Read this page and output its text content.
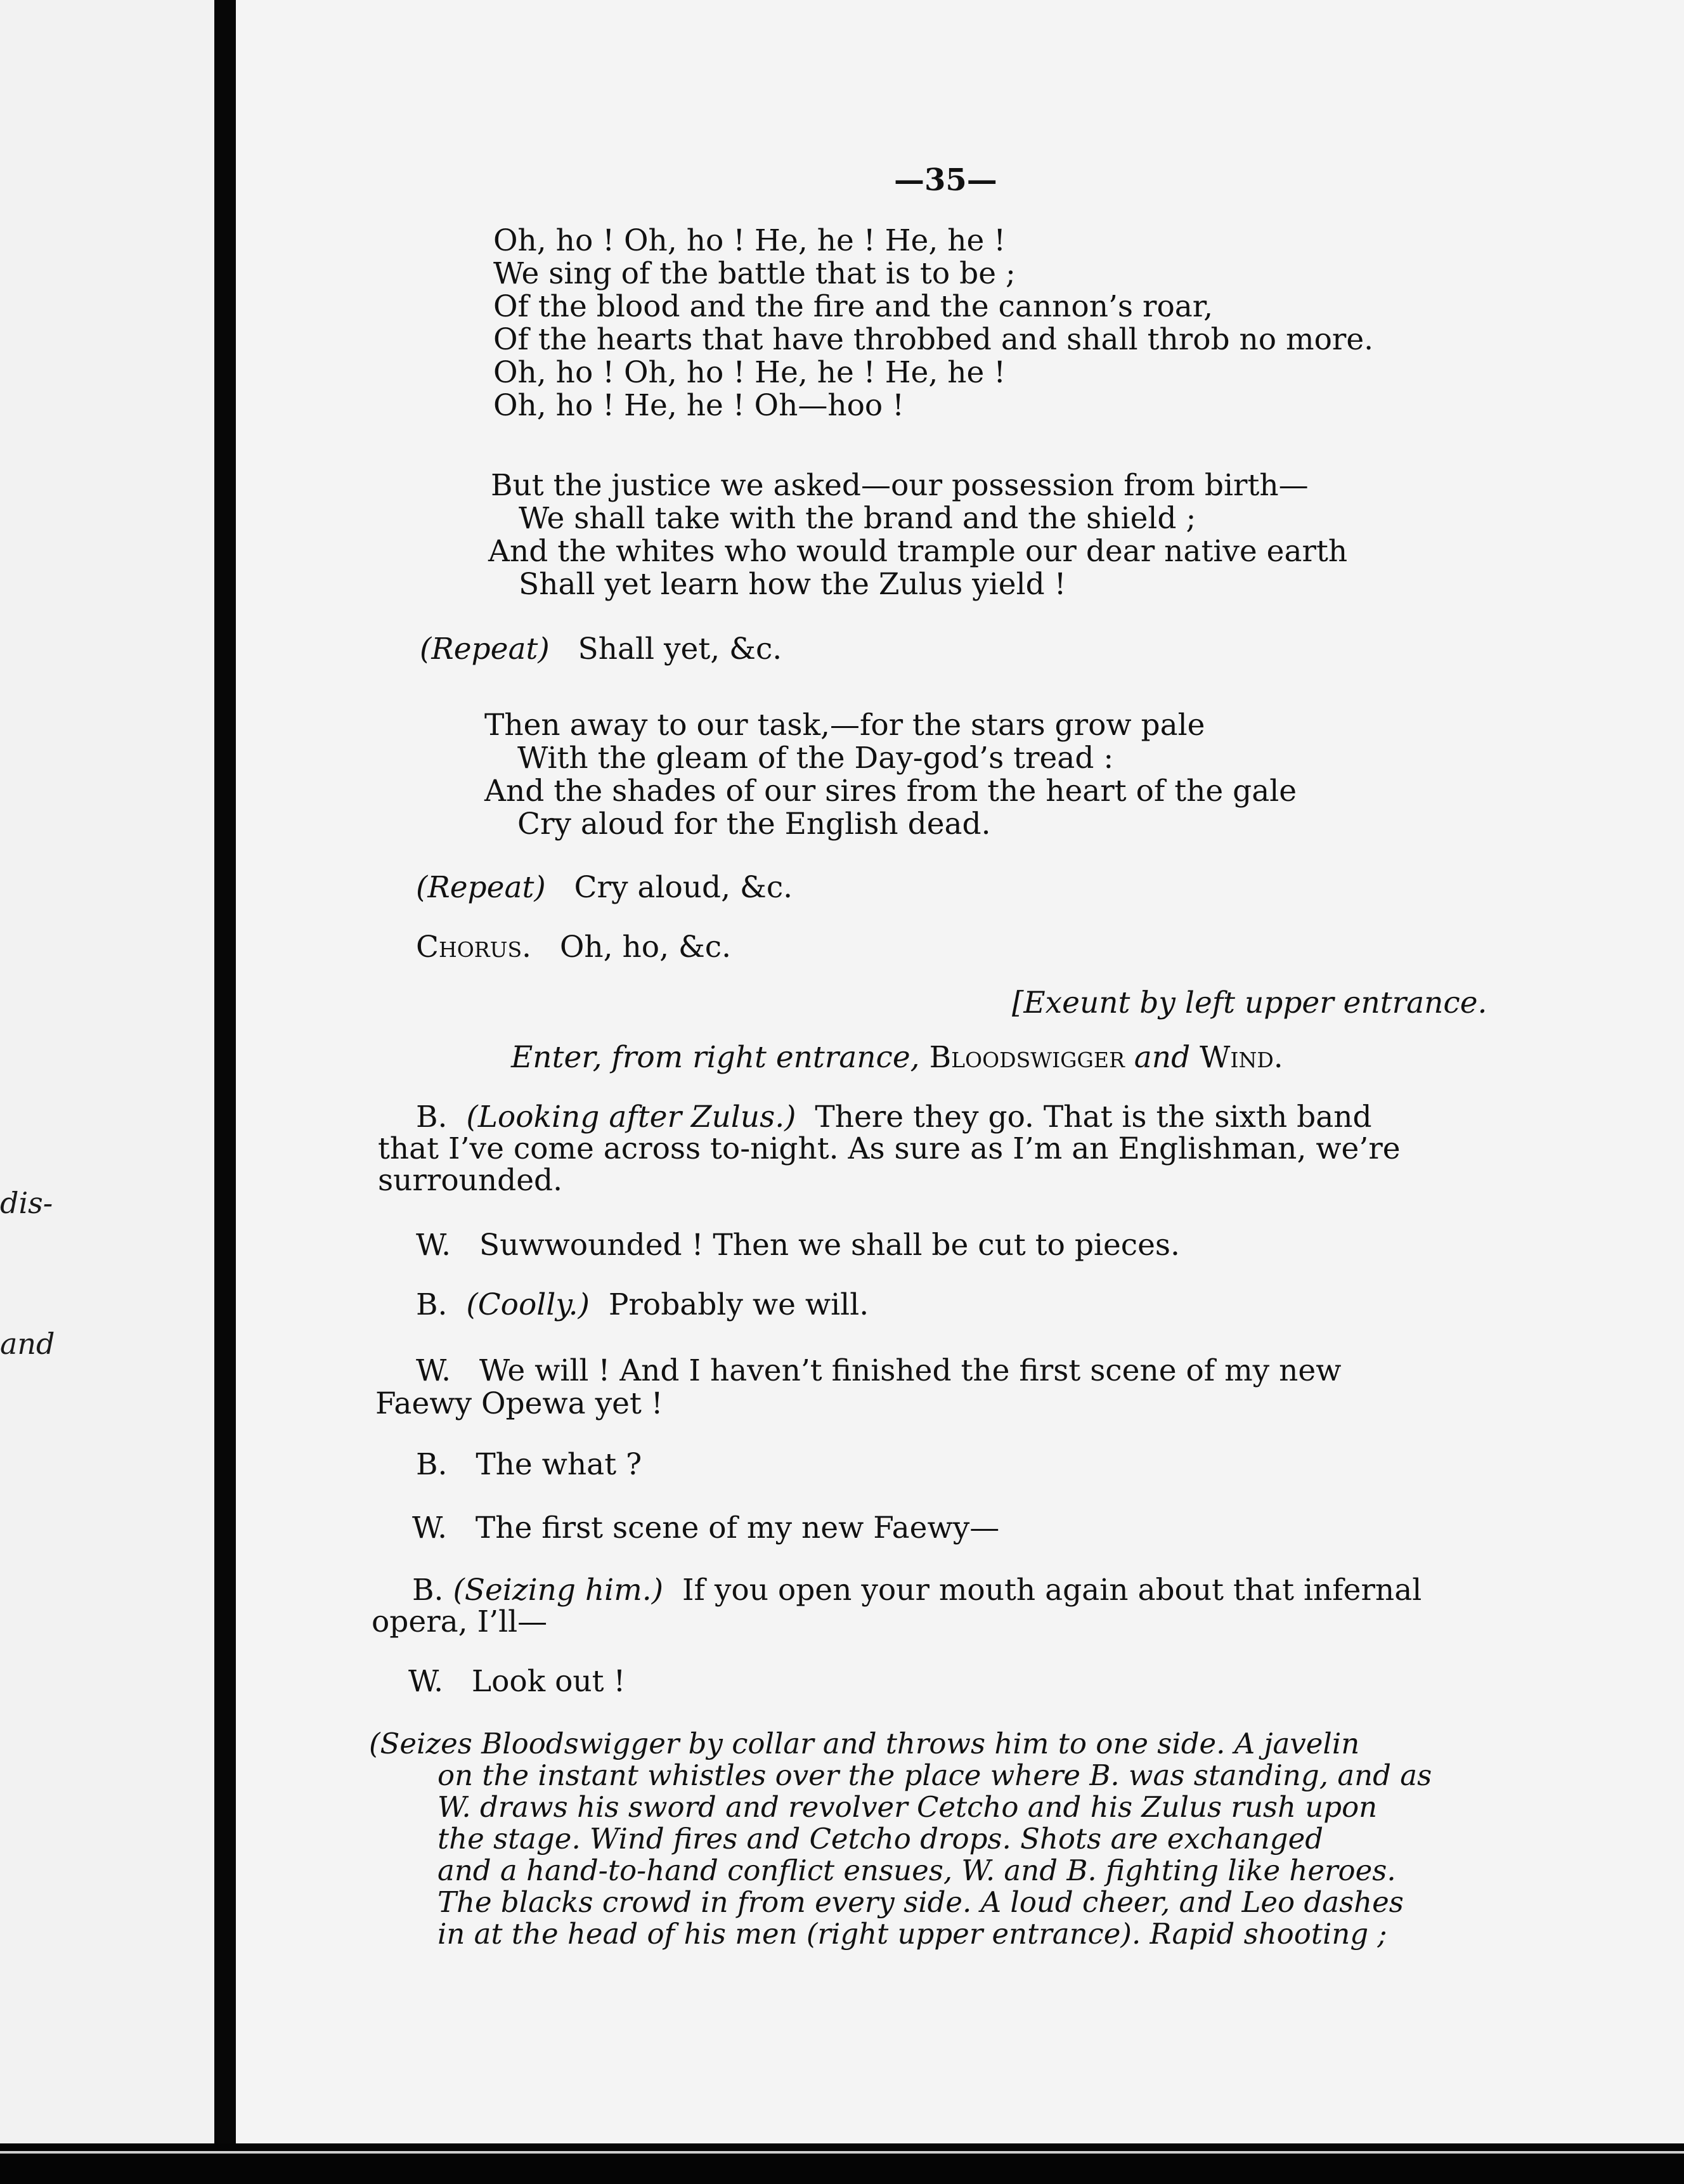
dis-
and
—35—
Oh, ho ! Oh, ho ! He, he ! He, he !
We sing of the battle that is to be ;
Of the blood and the fire and the cannon’s roar,
Of the hearts that have throbbed and shall throb no more.
Oh, ho ! Oh, ho ! He, he ! He, he !
Oh, ho ! He, he ! Oh—hoo !
But the justice we asked—our possession from birth—
We shall take with the brand and the shield ;
And the whites who would trample our dear native earth
Shall yet learn how the Zulus yield !
(Repeat) Shall yet, &c.
Then away to our task,—for the stars grow pale
With the gleam of the Day-god’s tread :
And the shades of our sires from the heart of the gale
Cry aloud for the English dead.
(Repeat) Cry aloud, &c.
Chorus. Oh, ho, &c.
[Exeunt by left upper entrance.
Enter, from right entrance, Bloodswigger and Wind.
B. (Looking after Zulus.) There they go. That is the sixth band
that I’ve come across to-night. As sure as I’m an Englishman, we’re
surrounded.
W. Suwwounded ! Then we shall be cut to pieces.
B. (Coolly.) Probably we will.
W. We will ! And I haven’t finished the first scene of my new
Faewy Opewa yet !
B. The what ?
W. The first scene of my new Faewy—
B. (Seizing him.) If you open your mouth again about that infernal
opera, I’ll—
W. Look out !
(Seizes Bloodswigger by collar and throws him to one side. A javelin
on the instant whistles over the place where B. was standing, and as
W. draws his sword and revolver Cetcho and his Zulus rush upon
the stage. Wind fires and Cetcho drops. Shots are exchanged
and a hand-to-hand conflict ensues, W. and B. fighting like heroes.
The blacks crowd in from every side. A loud cheer, and Leo dashes
in at the head of his men (right upper entrance). Rapid shooting ;
